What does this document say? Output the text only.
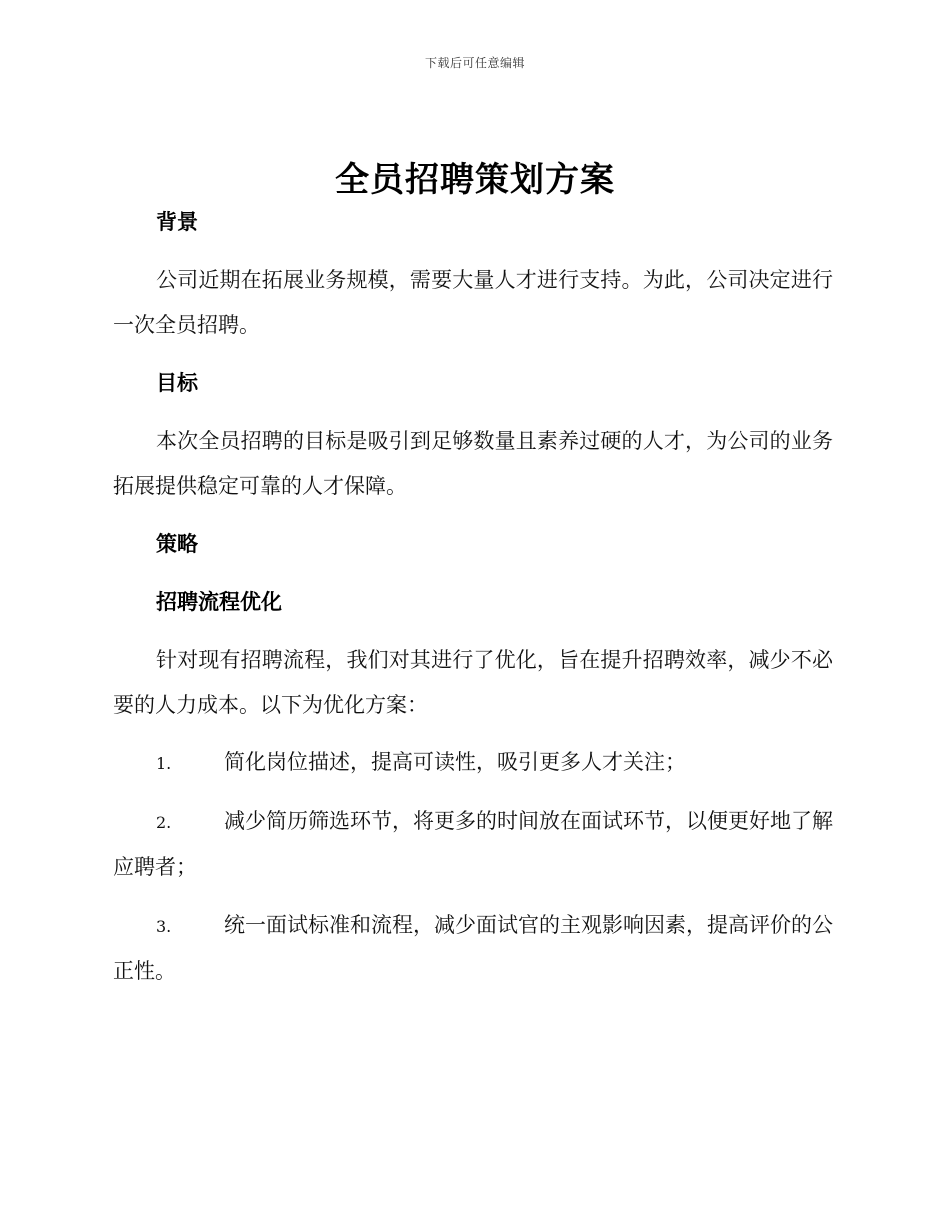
下载后可任意编辑
全员招聘策划方案
背景

公司近期在拓展业务规模，需要大量人才进行支持。为此，公司决定进行一次全员招聘。

目标

本次全员招聘的目标是吸引到足够数量且素养过硬的人才，为公司的业务拓展提供稳定可靠的人才保障。

策略
招聘流程优化

针对现有招聘流程，我们对其进行了优化，旨在提升招聘效率，减少不必要的人力成本。以下为优化方案：

1.	简化岗位描述，提高可读性，吸引更多人才关注；

2.	减少简历筛选环节，将更多的时间放在面试环节，以便更好地了解应聘者；

3.	统一面试标准和流程，减少面试官的主观影响因素，提高评价的公正性。
